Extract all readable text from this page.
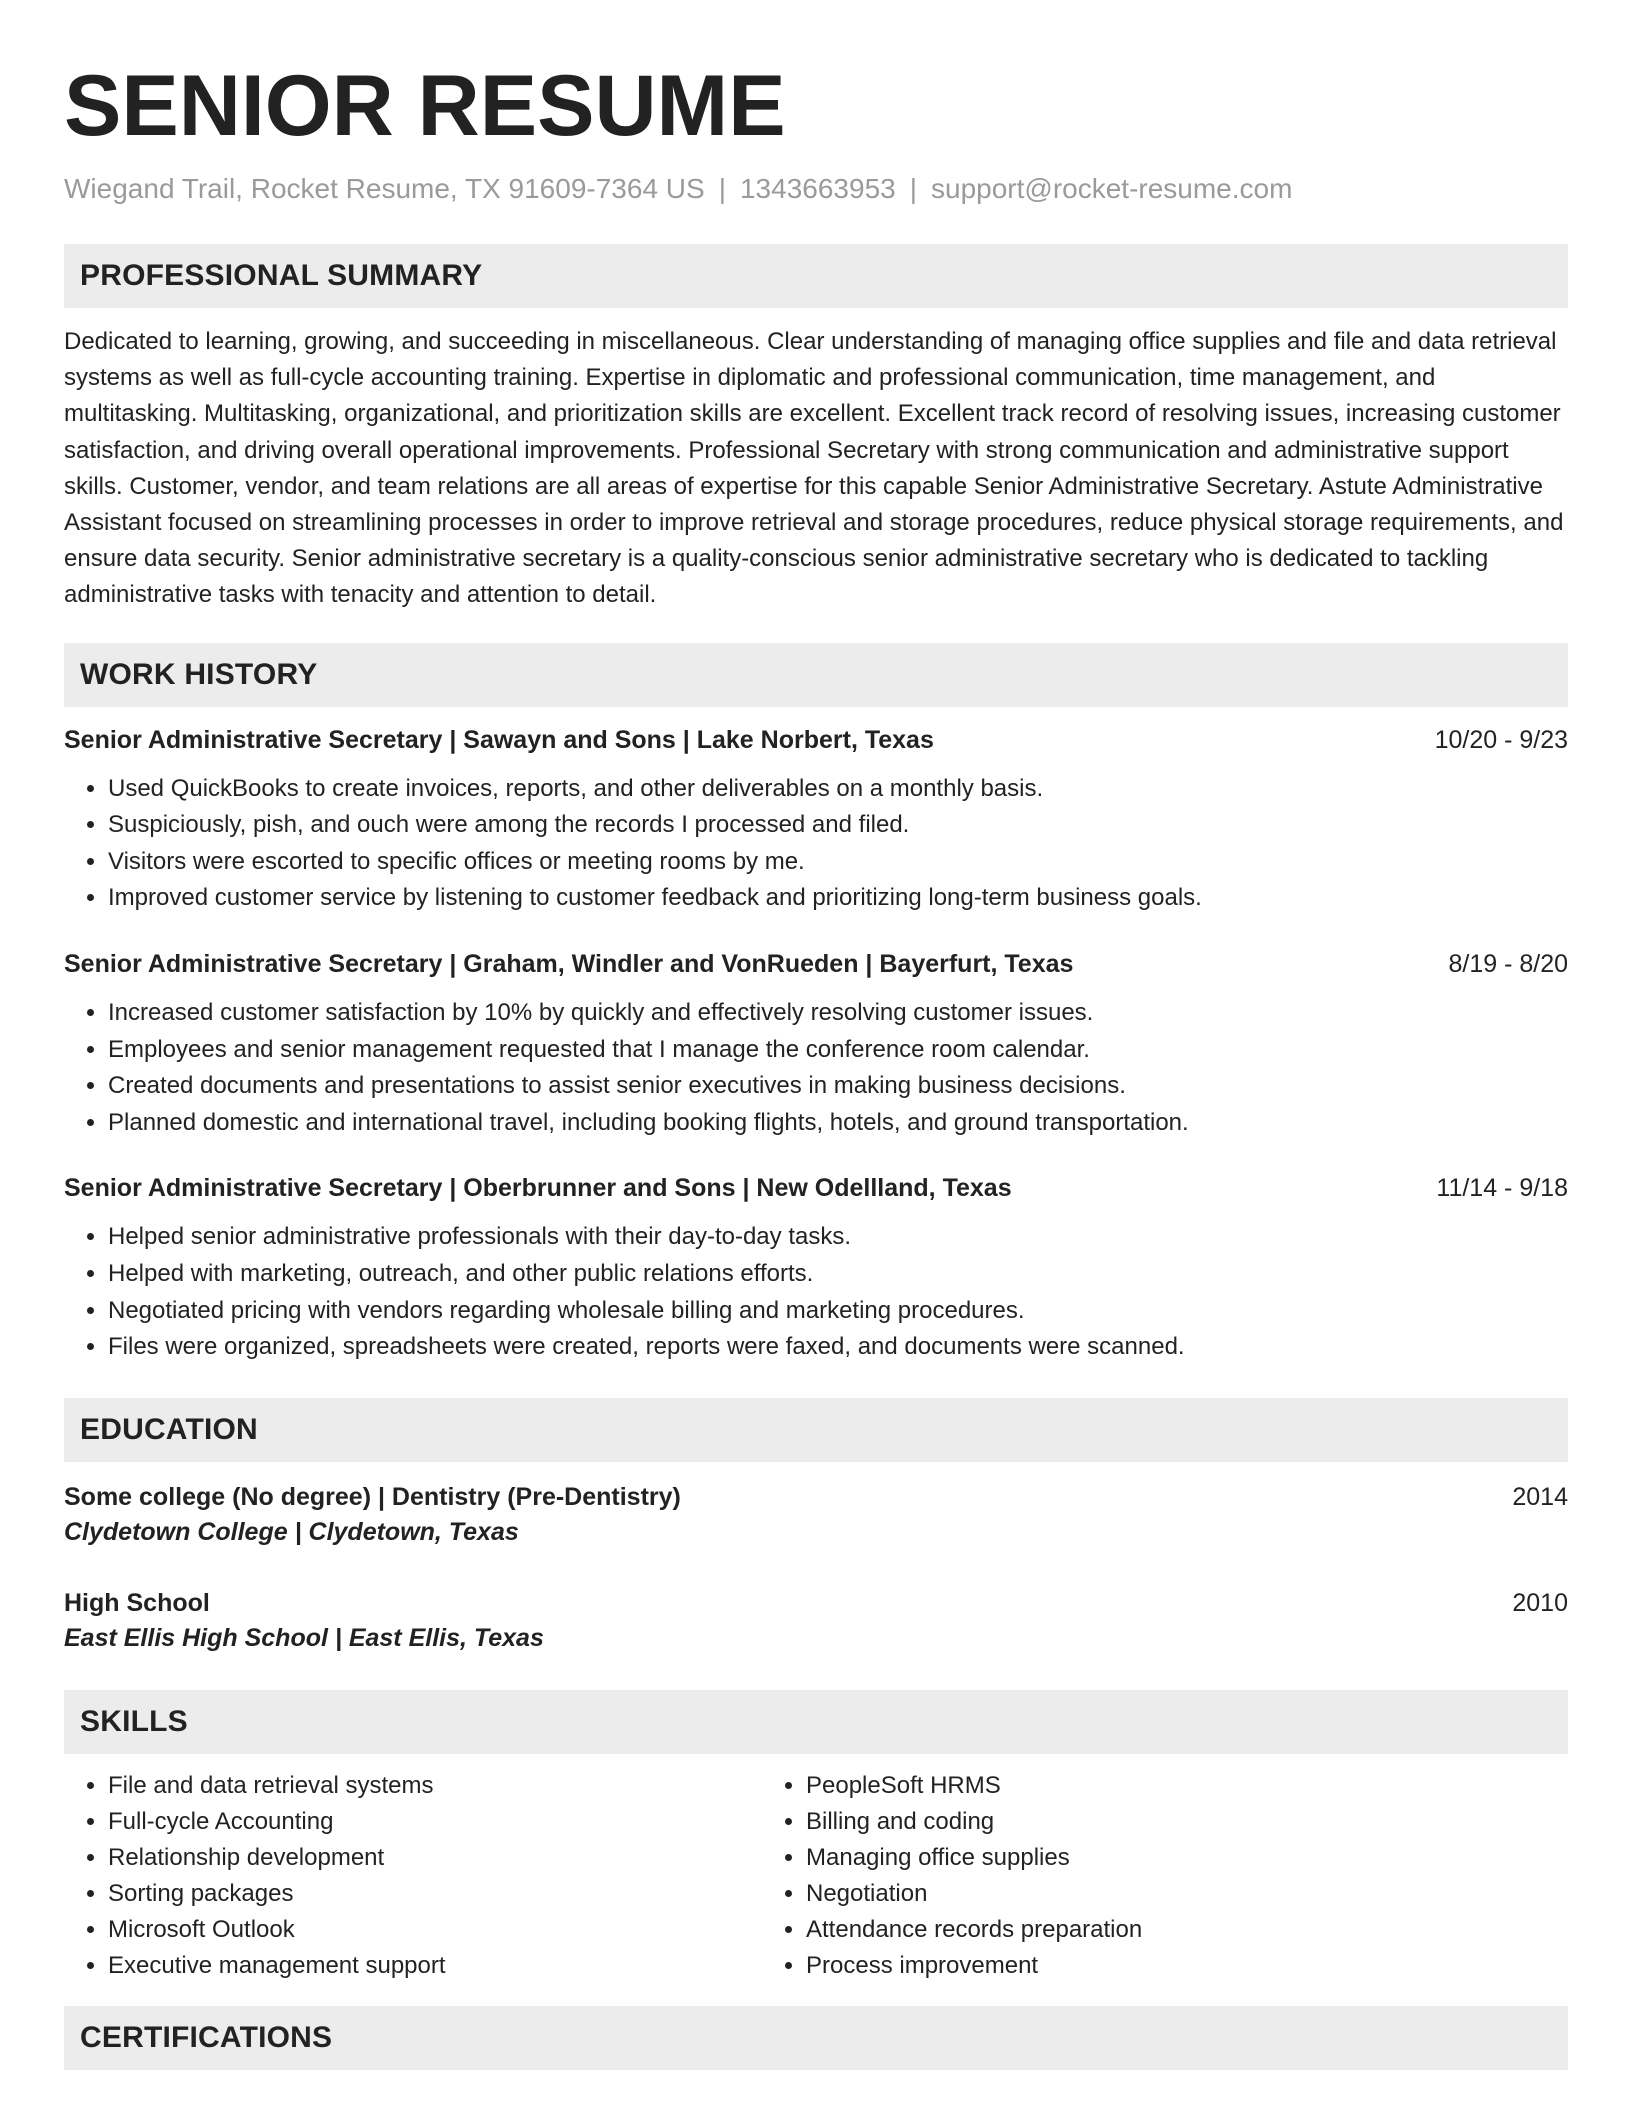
SENIOR RESUME
Wiegand Trail, Rocket Resume, TX 91609-7364 US | 1343663953 | support@rocket-resume.com
PROFESSIONAL SUMMARY

Dedicated to learning, growing, and succeeding in miscellaneous. Clear understanding of managing office supplies and file and data retrieval systems as well as full-cycle accounting training. Expertise in diplomatic and professional communication, time management, and multitasking. Multitasking, organizational, and prioritization skills are excellent. Excellent track record of resolving issues, increasing customer satisfaction, and driving overall operational improvements. Professional Secretary with strong communication and administrative support skills. Customer, vendor, and team relations are all areas of expertise for this capable Senior Administrative Secretary. Astute Administrative Assistant focused on streamlining processes in order to improve retrieval and storage procedures, reduce physical storage requirements, and ensure data security. Senior administrative secretary is a quality-conscious senior administrative secretary who is dedicated to tackling administrative tasks with tenacity and attention to detail.

WORK HISTORY
Senior Administrative Secretary | Sawayn and Sons | Lake Norbert, Texas	10/20 - 9/23
• Used QuickBooks to create invoices, reports, and other deliverables on a monthly basis.
• Suspiciously, pish, and ouch were among the records I processed and filed.
• Visitors were escorted to specific offices or meeting rooms by me.
• Improved customer service by listening to customer feedback and prioritizing long-term business goals.
Senior Administrative Secretary | Graham, Windler and VonRueden | Bayerfurt, Texas	8/19 - 8/20
• Increased customer satisfaction by 10% by quickly and effectively resolving customer issues.
• Employees and senior management requested that I manage the conference room calendar.
• Created documents and presentations to assist senior executives in making business decisions.
• Planned domestic and international travel, including booking flights, hotels, and ground transportation.
Senior Administrative Secretary | Oberbrunner and Sons | New Odellland, Texas	11/14 - 9/18
• Helped senior administrative professionals with their day-to-day tasks.
• Helped with marketing, outreach, and other public relations efforts.
• Negotiated pricing with vendors regarding wholesale billing and marketing procedures.
• Files were organized, spreadsheets were created, reports were faxed, and documents were scanned.
EDUCATION
Some college (No degree) | Dentistry (Pre-Dentistry)	2014
Clydetown College | Clydetown, Texas
High School	2010
East Ellis High School | East Ellis, Texas
SKILLS
• File and data retrieval systems
• Full-cycle Accounting
• Relationship development
• Sorting packages
• Microsoft Outlook
• Executive management support
• PeopleSoft HRMS
• Billing and coding
• Managing office supplies
• Negotiation
• Attendance records preparation
• Process improvement
CERTIFICATIONS
